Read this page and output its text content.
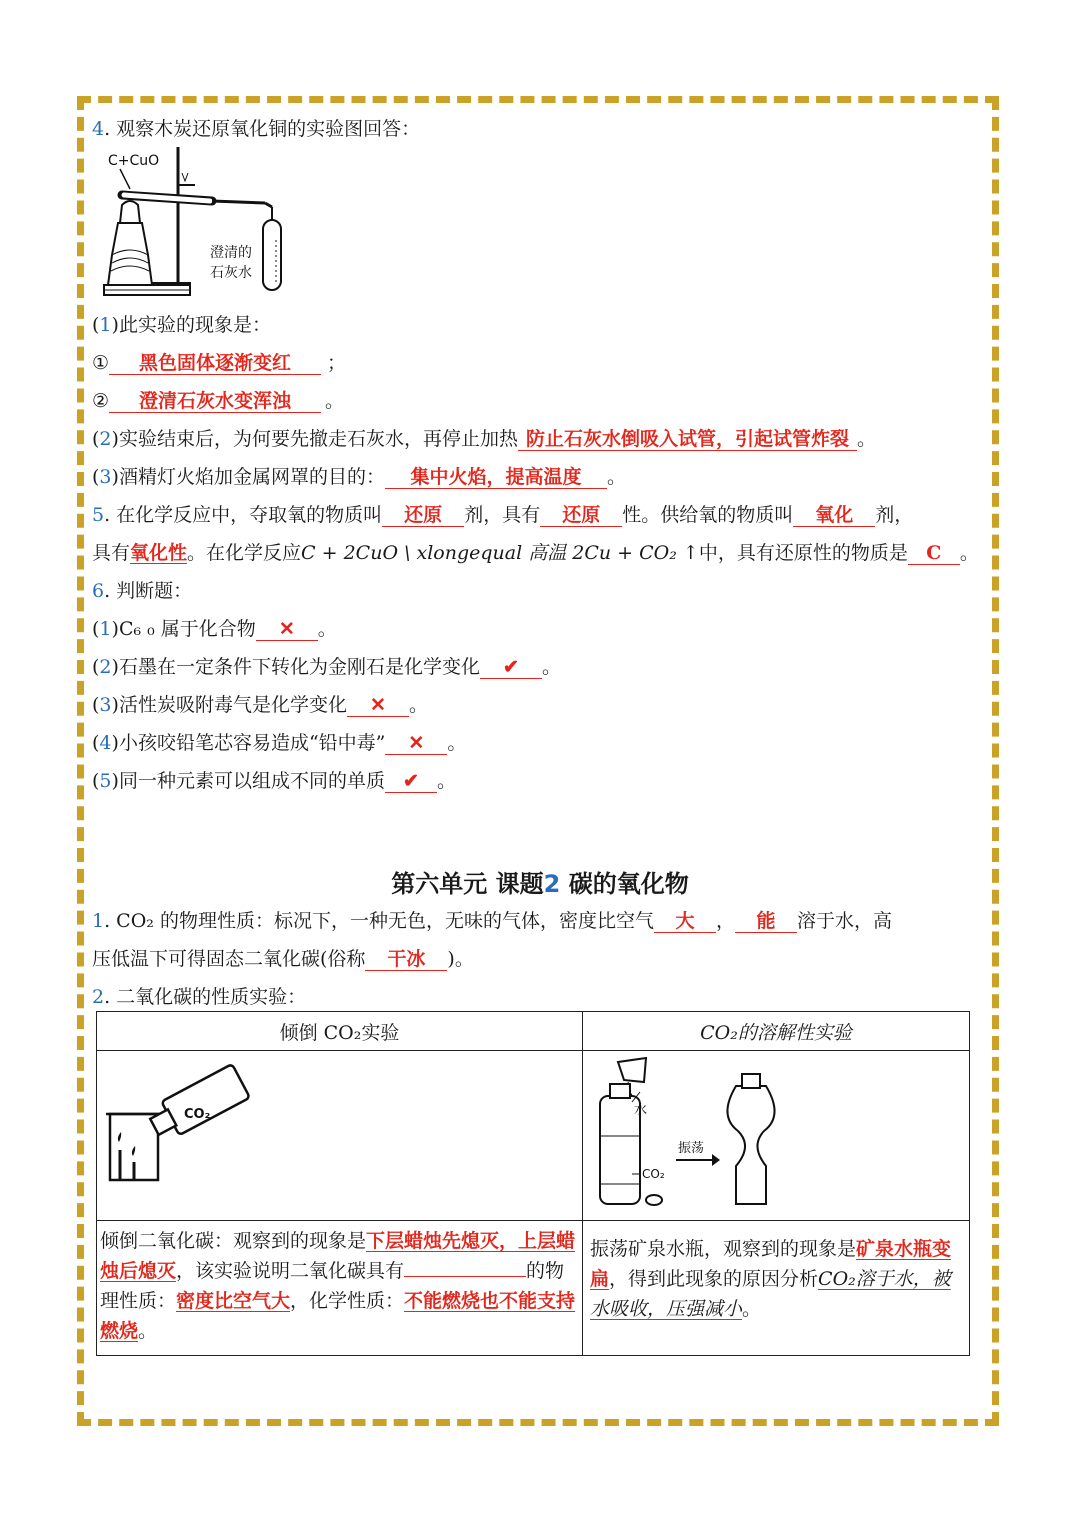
4. 观察木炭还原氧化铜的实验图回答：
C+CuO
澄清的
石灰水
(1)此实验的现象是：
① 黑色固体逐渐变红 ；
② 澄清石灰水变浑浊 。
(2)实验结束后，为何要先撤走石灰水，再停止加热 防止石灰水倒吸入试管，引起试管炸裂 。
(3)酒精灯火焰加金属网罩的目的： 集中火焰，提高温度 。
5. 在化学反应中，夺取氧的物质叫 还原 剂，具有 还原 性。供给氧的物质叫 氧化 剂，
具有氧化性。在化学反应C + 2CuO \ xlongequal 高温 2Cu + CO₂ ↑中，具有还原性的物质是 C 。
6. 判断题：
(1)C₆ ₀ 属于化合物 ✕ 。
(2)石墨在一定条件下转化为金刚石是化学变化 ✔ 。
(3)活性炭吸附毒气是化学变化 ✕ 。
(4)小孩咬铅笔芯容易造成“铅中毒” ✕ 。
(5)同一种元素可以组成不同的单质 ✔ 。
第六单元 课题2 碳的氧化物
1. CO₂ 的物理性质：标况下，一种无色，无味的气体，密度比空气 大 ， 能 溶于水，高
压低温下可得固态二氧化碳(俗称 干冰 )。
2. 二氧化碳的性质实验：
倾倒 CO₂实验	CO₂的溶解性实验

CO₂	水
CO₂
振荡

倾倒二氧化碳：观察到的现象是下层蜡烛先熄灭，上层蜡烛后熄灭，该实验说明二氧化碳具有 的物理性质：密度比空气大，化学性质：不能燃烧也不能支持燃烧。	振荡矿泉水瓶，观察到的现象是矿泉水瓶变扁，得到此现象的原因分析CO₂溶于水，被水吸收，压强减小。
